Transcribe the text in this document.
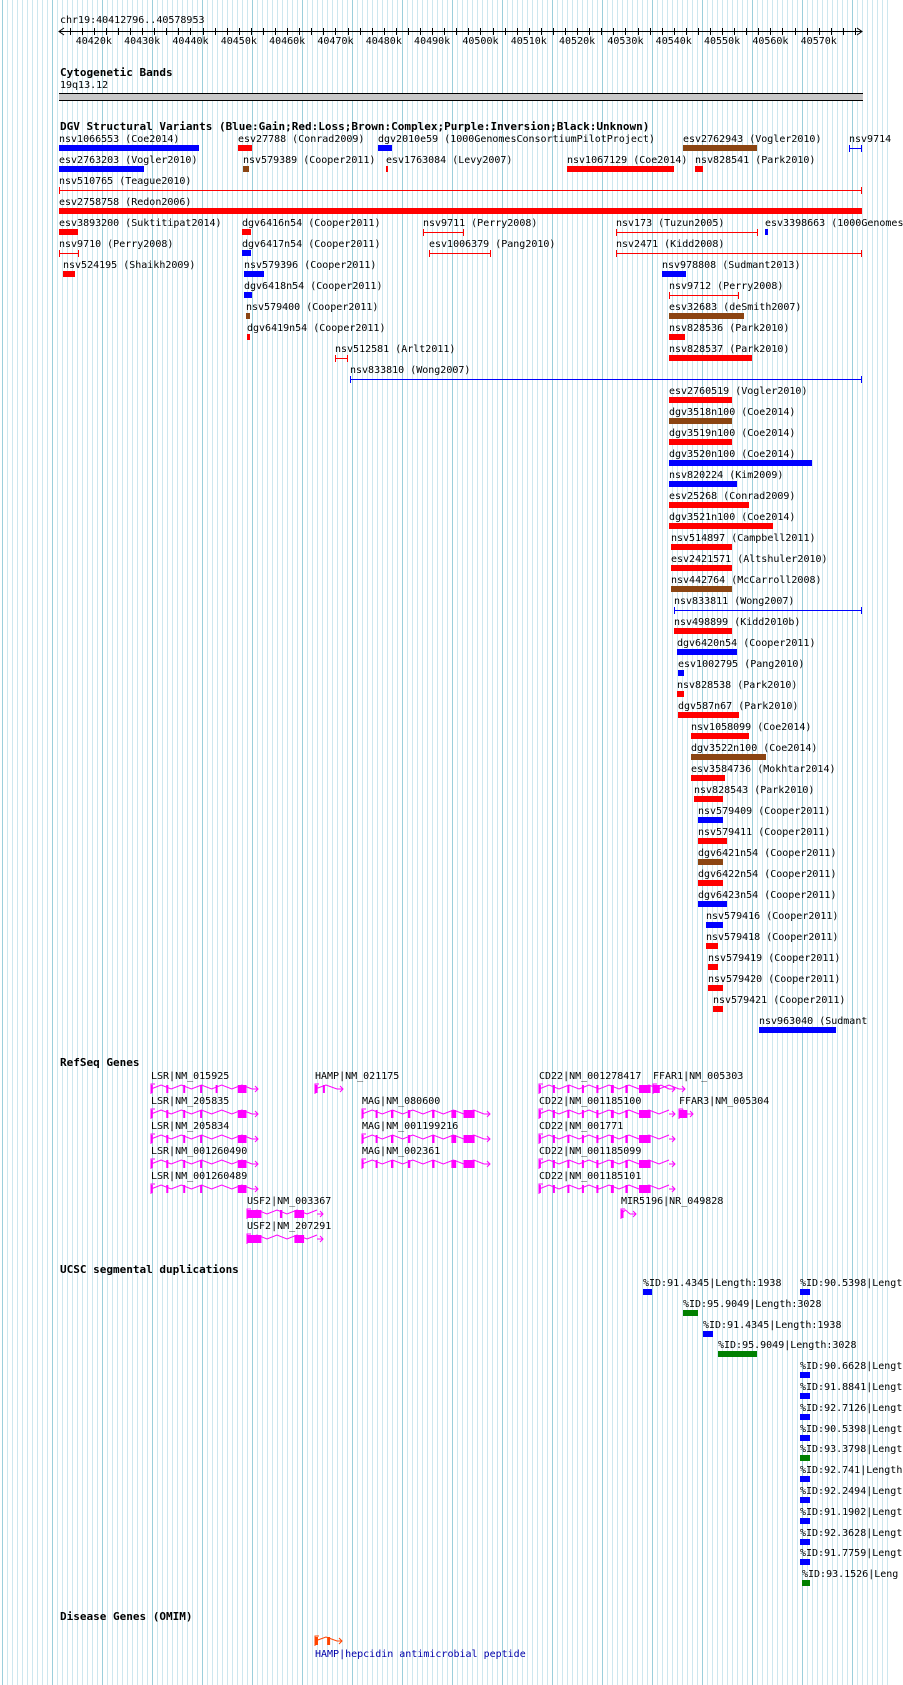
chr19:40412796..40578953
40420k 40430k 40440k 40450k 40460k 40470k 40480k 40490k 40500k 40510k 40520k 40530k 40540k 40550k 40560k 40570k
Cytogenetic Bands
19q13.12
DGV Structural Variants (Blue:Gain;Red:Loss;Brown:Complex;Purple:Inversion;Black:Unknown)
nsv1066553 (Coe2014)	esv27788 (Conrad2009) dgv2010e59 (1000GenomesConsortiumPilotProject)	esv2762943 (Vogler2010)	nsv9714
esv2763203 (Vogler2010)	nsv579389 (Cooper2011) esv1763084 (Levy2007)	nsv1067129 (Coe2014) nsv828541 (Park2010)
nsv510765 (Teague2010)
esv2758758 (Redon2006)
esv3893200 (Suktitipat2014) dgv6416n54 (Cooper2011)	nsv9711 (Perry2008)	nsv173 (Tuzun2005)	esv3398663 (1000Genomes
nsv9710 (Perry2008)	dgv6417n54 (Cooper2011)	esv1006379 (Pang2010)	nsv2471 (Kidd2008)
nsv524195 (Shaikh2009)	nsv579396 (Cooper2011)	nsv978808 (Sudmant2013)
dgv6418n54 (Cooper2011)	nsv9712 (Perry2008)
nsv579400 (Cooper2011)	esv32683 (deSmith2007)
dgv6419n54 (Cooper2011)	nsv828536 (Park2010)
nsv512581 (Arlt2011)	nsv828537 (Park2010)
nsv833810 (Wong2007)
esv2760519 (Vogler2010)
dgv3518n100 (Coe2014)
dgv3519n100 (Coe2014)
dgv3520n100 (Coe2014)
nsv820224 (Kim2009)
esv25268 (Conrad2009)
dgv3521n100 (Coe2014)
nsv514897 (Campbell2011)
esv2421571 (Altshuler2010)
nsv442764 (McCarroll2008)
nsv833811 (Wong2007)
nsv498899 (Kidd2010b)
dgv6420n54 (Cooper2011)
esv1002795 (Pang2010)
nsv828538 (Park2010)
dgv587n67 (Park2010)
nsv1058099 (Coe2014)
dgv3522n100 (Coe2014)
esv3584736 (Mokhtar2014)
nsv828543 (Park2010)
nsv579409 (Cooper2011)
nsv579411 (Cooper2011)
dgv6421n54 (Cooper2011)
dgv6422n54 (Cooper2011)
dgv6423n54 (Cooper2011)
nsv579416 (Cooper2011)
nsv579418 (Cooper2011)
nsv579419 (Cooper2011)
nsv579420 (Cooper2011)
nsv579421 (Cooper2011)
nsv963040 (Sudmant
RefSeq Genes
LSR|NM_015925	HAMP|NM_021175	CD22|NM_001278417 FFAR1|NM_005303
LSR|NM_205835	MAG|NM_080600	CD22|NM_001185100	FFAR3|NM_005304
LSR|NM_205834	MAG|NM_001199216	CD22|NM_001771
LSR|NM_001260490	MAG|NM_002361	CD22|NM_001185099
LSR|NM_001260489	CD22|NM_001185101
USF2|NM_003367	MIR5196|NR_049828
USF2|NM_207291
UCSC segmental duplications
%ID:91.4345|Length:1938 %ID:90.5398|Lengt
%ID:95.9049|Length:3028
%ID:91.4345|Length:1938
%ID:95.9049|Length:3028
%ID:90.6628|Lengt
%ID:91.8841|Lengt
%ID:92.7126|Lengt
%ID:90.5398|Lengt
%ID:93.3798|Lengt
%ID:92.741|Length
%ID:92.2494|Lengt
%ID:91.1902|Lengt
%ID:92.3628|Lengt
%ID:91.7759|Lengt
%ID:93.1526|Leng
Disease Genes (OMIM)
HAMP|hepcidin antimicrobial peptide
